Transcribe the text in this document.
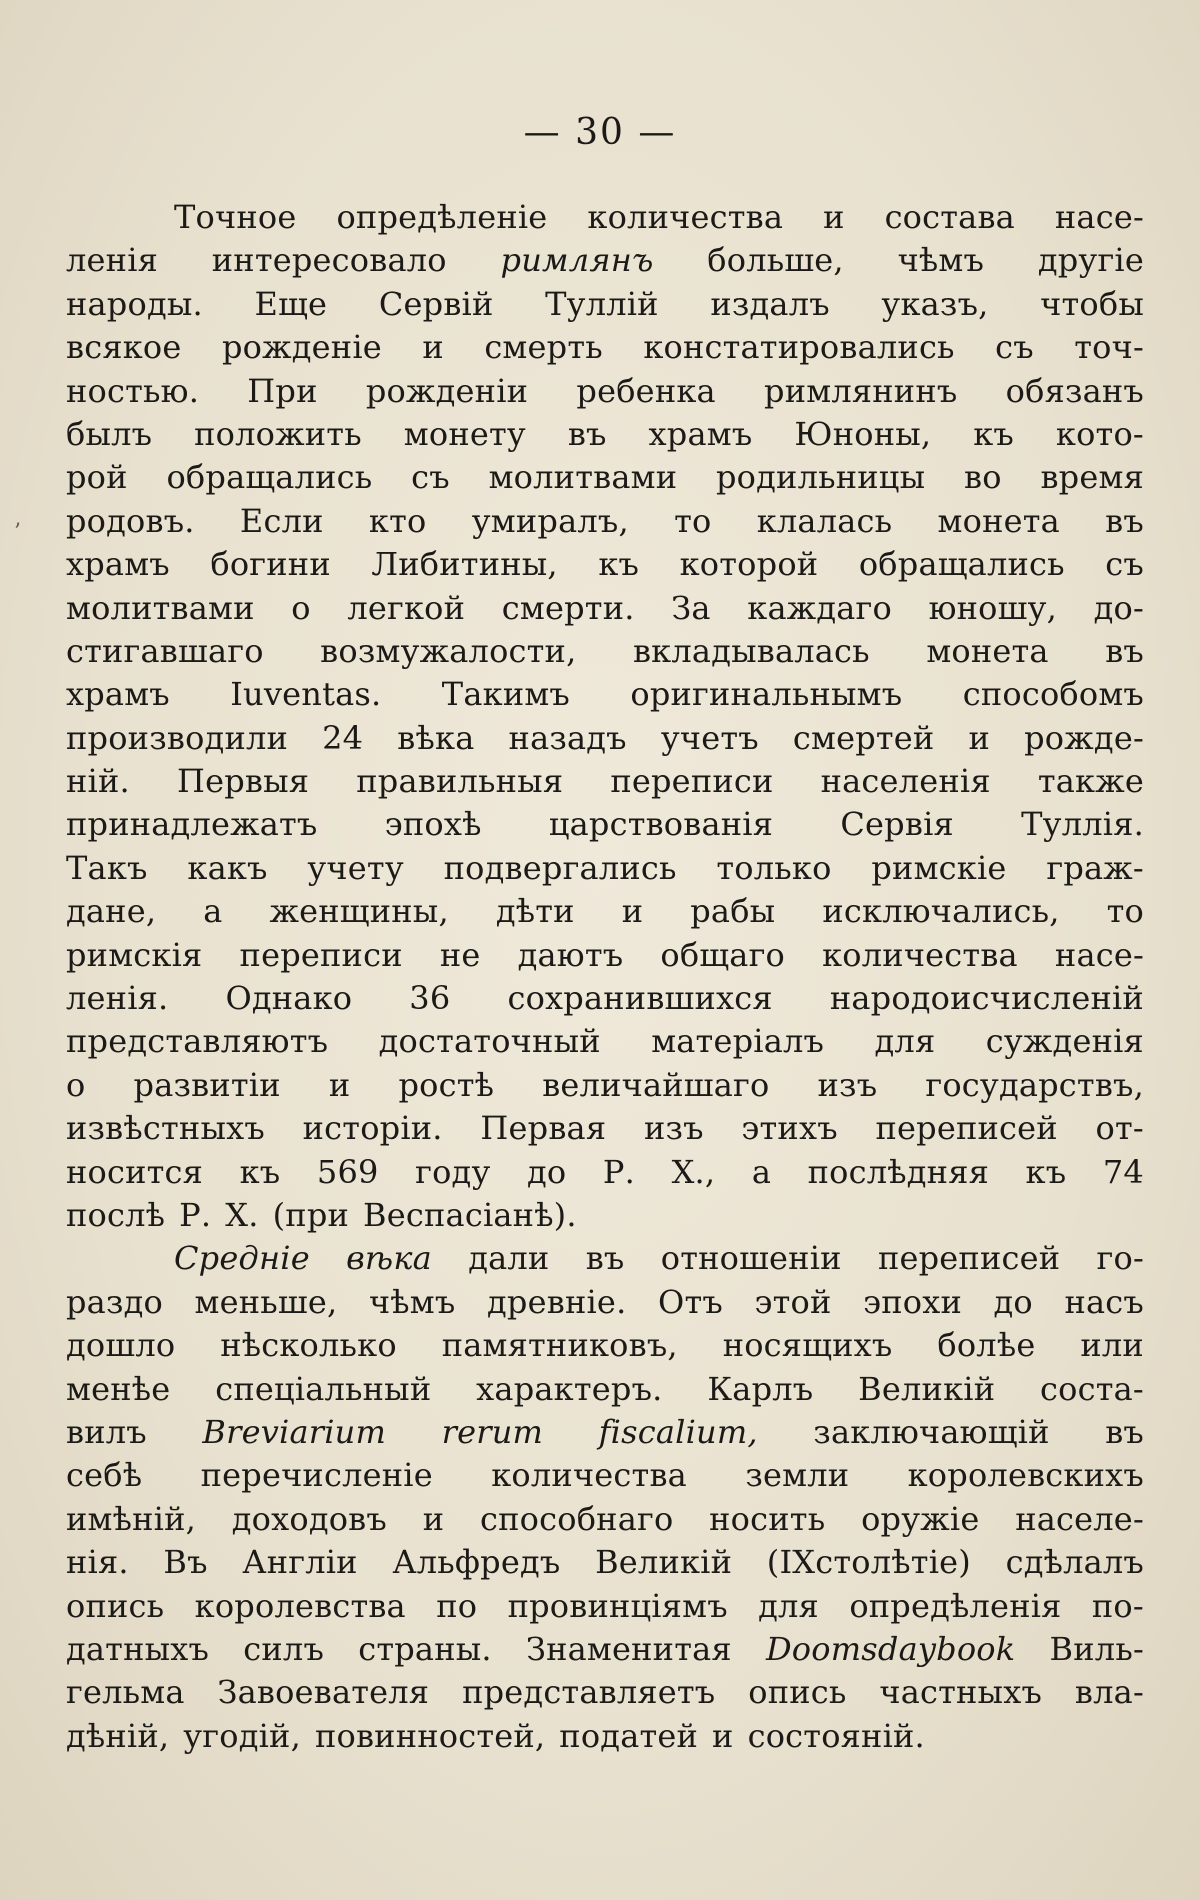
— 30 —
Точное опредѣленіе количества и состава насе-
ленія интересовало римлянъ больше, чѣмъ другіе
народы. Еще Сервій Туллій издалъ указъ, чтобы
всякое рожденіе и смерть констатировались съ точ-
ностью. При рожденіи ребенка римлянинъ обязанъ
былъ положить монету въ храмъ Юноны, къ кото-
рой обращались съ молитвами родильницы во время
родовъ. Если кто умиралъ, то клалась монета въ
храмъ богини Либитины, къ которой обращались съ
молитвами о легкой смерти. За каждаго юношу, до-
стигавшаго возмужалости, вкладывалась монета въ
храмъ Iuventas. Такимъ оригинальнымъ способомъ
производили 24 вѣка назадъ учетъ смертей и рожде-
ній. Первыя правильныя переписи населенія также
принадлежатъ эпохѣ царствованія Сервія Туллія.
Такъ какъ учету подвергались только римскіе граж-
дане, а женщины, дѣти и рабы исключались, то
римскія переписи не даютъ общаго количества насе-
ленія. Однако 36 сохранившихся народоисчисленій
представляютъ достаточный матеріалъ для сужденія
о развитіи и ростѣ величайшаго изъ государствъ,
извѣстныхъ исторіи. Первая изъ этихъ переписей от-
носится къ 569 году до Р. Х., а послѣдняя къ 74
послѣ Р. Х. (при Веспасіанѣ).
Средніе вѣка дали въ отношеніи переписей го-
раздо меньше, чѣмъ древніе. Отъ этой эпохи до насъ
дошло нѣсколько памятниковъ, носящихъ болѣе или
менѣе спеціальный характеръ. Карлъ Великій соста-
вилъ Breviarium rerum fiscalium, заключающій въ
себѣ перечисленіе количества земли королевскихъ
имѣній, доходовъ и способнаго носить оружіе населе-
нія. Въ Англіи Альфредъ Великій (IXстолѣтіе) сдѣлалъ
опись королевства по провинціямъ для опредѣленія по-
датныхъ силъ страны. Знаменитая Doomsdaybook Виль-
гельма Завоевателя представляетъ опись частныхъ вла-
дѣній, угодій, повинностей, податей и состояній.
’
